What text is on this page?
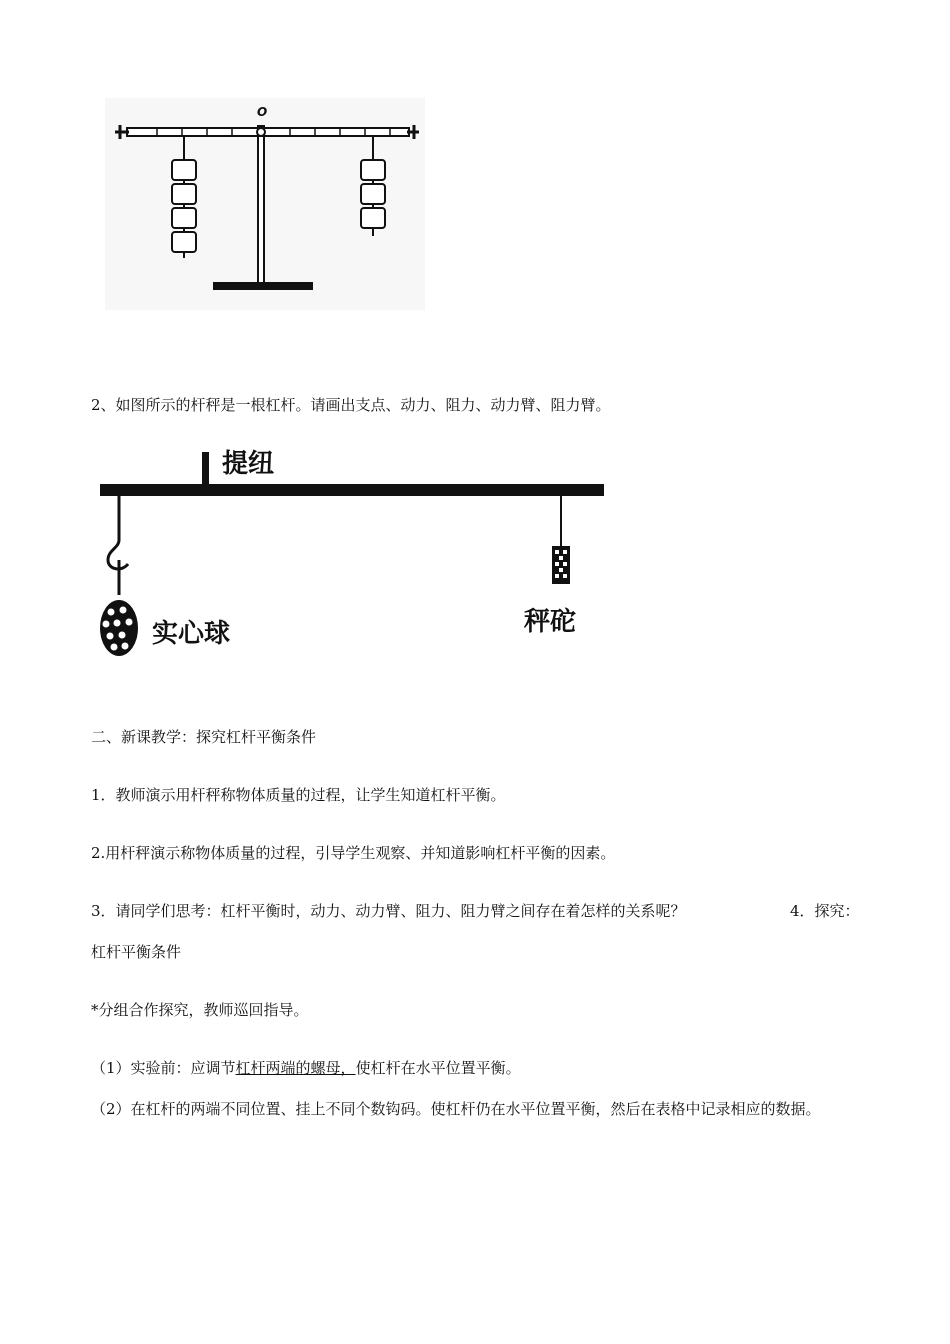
O
2、如图所示的杆秤是一根杠杆。请画出支点、动力、阻力、动力臂、阻力臂。
提纽
实心球	秤砣
二、新课教学：探究杠杆平衡条件
1．教师演示用杆秤称物体质量的过程，让学生知道杠杆平衡。
2.用杆秤演示称物体质量的过程，引导学生观察、并知道影响杠杆平衡的因素。
3．请同学们思考：杠杆平衡时，动力、动力臂、阻力、阻力臂之间存在着怎样的关系呢？	4．探究：
杠杆平衡条件
*分组合作探究，教师巡回指导。
（1）实验前：应调节杠杆两端的螺母，使杠杆在水平位置平衡。
（2）在杠杆的两端不同位置、挂上不同个数钩码。使杠杆仍在水平位置平衡，然后在表格中记录相应的数据。
